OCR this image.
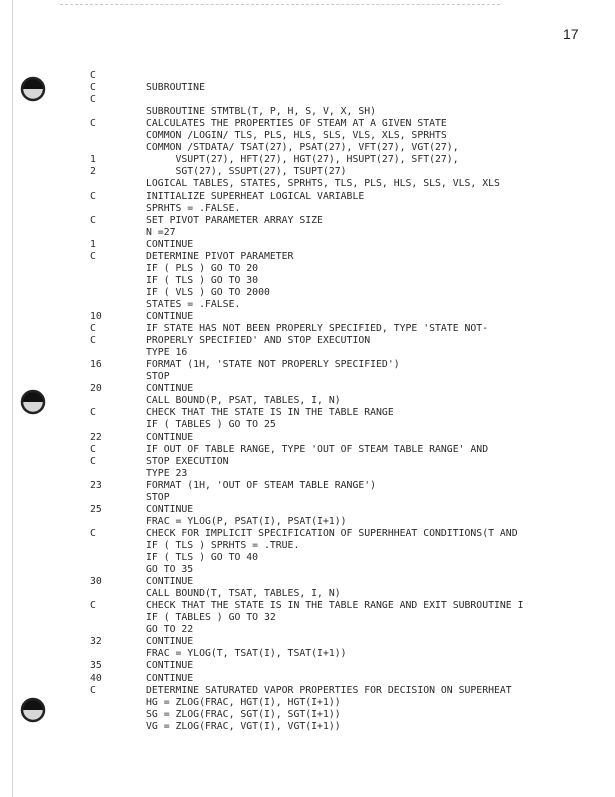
17
C
C	SUBROUTINE
C
SUBROUTINE STMTBL(T, P, H, S, V, X, SH)
C	CALCULATES THE PROPERTIES OF STEAM AT A GIVEN STATE
COMMON /LOGIN/ TLS, PLS, HLS, SLS, VLS, XLS, SPRHTS
COMMON /STDATA/ TSAT(27), PSAT(27), VFT(27), VGT(27),
1	VSUPT(27), HFT(27), HGT(27), HSUPT(27), SFT(27),
2	SGT(27), SSUPT(27), TSUPT(27)
LOGICAL TABLES, STATES, SPRHTS, TLS, PLS, HLS, SLS, VLS, XLS
C	INITIALIZE SUPERHEAT LOGICAL VARIABLE
SPRHTS = .FALSE.
C	SET PIVOT PARAMETER ARRAY SIZE
N =27
1	CONTINUE
C	DETERMINE PIVOT PARAMETER
IF ( PLS ) GO TO 20
IF ( TLS ) GO TO 30
IF ( VLS ) GO TO 2000
STATES = .FALSE.
10	CONTINUE
C	IF STATE HAS NOT BEEN PROPERLY SPECIFIED, TYPE 'STATE NOT-
C	PROPERLY SPECIFIED' AND STOP EXECUTION
TYPE 16
16	FORMAT (1H, 'STATE NOT PROPERLY SPECIFIED')
STOP
20	CONTINUE
CALL BOUND(P, PSAT, TABLES, I, N)
C	CHECK THAT THE STATE IS IN THE TABLE RANGE
IF ( TABLES ) GO TO 25
22	CONTINUE
C	IF OUT OF TABLE RANGE, TYPE 'OUT OF STEAM TABLE RANGE' AND
C	STOP EXECUTION
TYPE 23
23	FORMAT (1H, 'OUT OF STEAM TABLE RANGE')
STOP
25	CONTINUE
FRAC = YLOG(P, PSAT(I), PSAT(I+1))
C	CHECK FOR IMPLICIT SPECIFICATION OF SUPERHHEAT CONDITIONS(T AND
IF ( TLS ) SPRHTS = .TRUE.
IF ( TLS ) GO TO 40
GO TO 35
30	CONTINUE
CALL BOUND(T, TSAT, TABLES, I, N)
C	CHECK THAT THE STATE IS IN THE TABLE RANGE AND EXIT SUBROUTINE I
IF ( TABLES ) GO TO 32
GO TO 22
32	CONTINUE
FRAC = YLOG(T, TSAT(I), TSAT(I+1))
35	CONTINUE
40	CONTINUE
C	DETERMINE SATURATED VAPOR PROPERTIES FOR DECISION ON SUPERHEAT
HG = ZLOG(FRAC, HGT(I), HGT(I+1))
SG = ZLOG(FRAC, SGT(I), SGT(I+1))
VG = ZLOG(FRAC, VGT(I), VGT(I+1))
